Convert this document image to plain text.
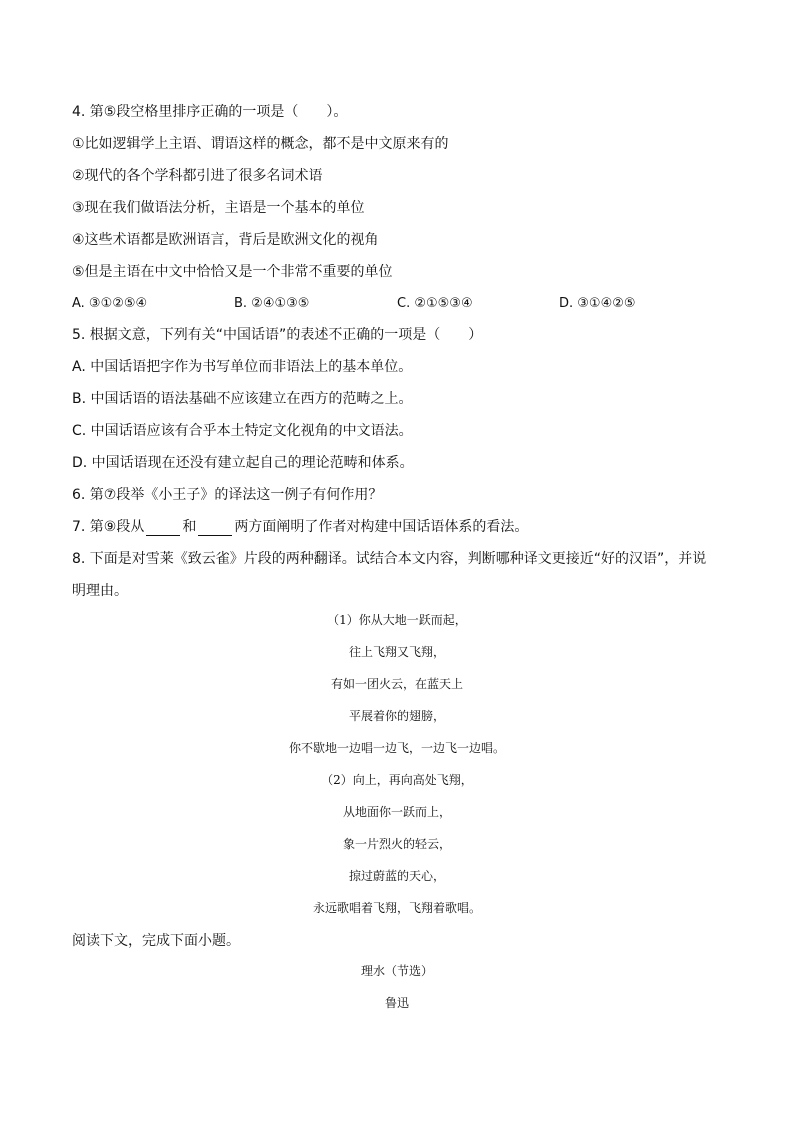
4. 第⑤段空格里排序正确的一项是（　　）。
①比如逻辑学上主语、谓语这样的概念，都不是中文原来有的
②现代的各个学科都引进了很多名词术语
③现在我们做语法分析，主语是一个基本的单位
④这些术语都是欧洲语言，背后是欧洲文化的视角
⑤但是主语在中文中恰恰又是一个非常不重要的单位
A. ③①②⑤④	B. ②④①③⑤	C. ②①⑤③④	D. ③①④②⑤
5. 根据文意，下列有关“中国话语”的表述不正确的一项是（　　）
A. 中国话语把字作为书写单位而非语法上的基本单位。
B. 中国话语的语法基础不应该建立在西方的范畴之上。
C. 中国话语应该有合乎本土特定文化视角的中文语法。
D. 中国话语现在还没有建立起自己的理论范畴和体系。
6. 第⑦段举《小王子》的译法这一例子有何作用？
7. 第⑨段从	和	两方面阐明了作者对构建中国话语体系的看法。
8. 下面是对雪莱《致云雀》片段的两种翻译。试结合本文内容，判断哪种译文更接近“好的汉语”，并说
明理由。
（1）你从大地一跃而起，
往上飞翔又飞翔，
有如一团火云，在蓝天上
平展着你的翅膀，
你不歇地一边唱一边飞，一边飞一边唱。
（2）向上，再向高处飞翔，
从地面你一跃而上，
象一片烈火的轻云，
掠过蔚蓝的天心，
永远歌唱着飞翔，飞翔着歌唱。
阅读下文，完成下面小题。
理水（节选）
鲁迅
